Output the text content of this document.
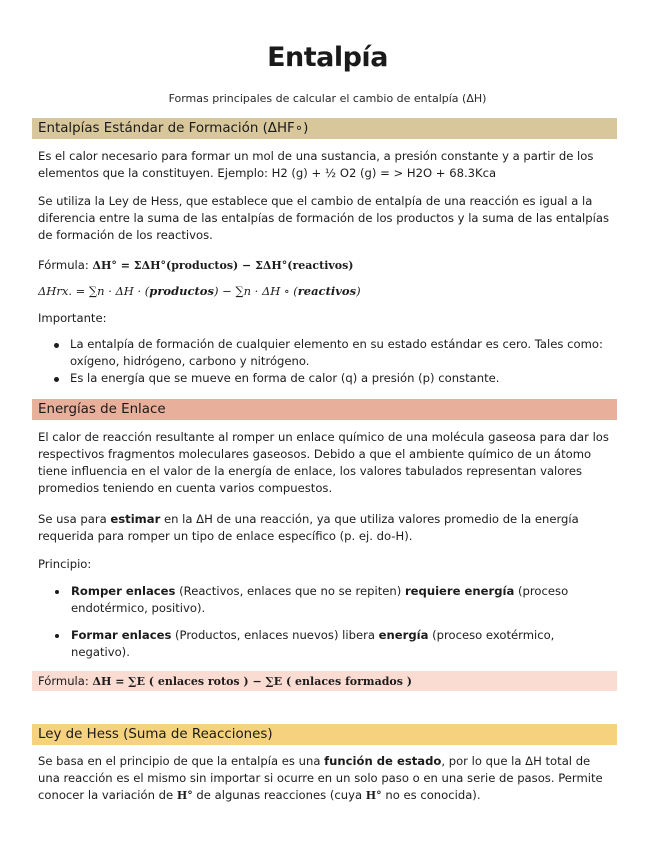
Entalpía
Formas principales de calcular el cambio de entalpía (ΔH)
Entalpías Estándar de Formación (ΔHF∘)

Es el calor necesario para formar un mol de una sustancia, a presión constante y a partir de los elementos que la constituyen. Ejemplo: H2 (g) + ½ O2 (g) = > H2O + 68.3Kca

Se utiliza la Ley de Hess, que establece que el cambio de entalpía de una reacción es igual a la diferencia entre la suma de las entalpías de formación de los productos y la suma de las entalpías de formación de los reactivos.

Fórmula: ΔH° = ΣΔH°(productos) − ΣΔH°(reactivos)
ΔHrx. = ∑n · ΔH · (productos) − ∑n · ΔH ∘ (reactivos)
Importante:
La entalpía de formación de cualquier elemento en su estado estándar es cero. Tales como: oxígeno, hidrógeno, carbono y nitrógeno.
Es la energía que se mueve en forma de calor (q) a presión (p) constante.
Energías de Enlace

El calor de reacción resultante al romper un enlace químico de una molécula gaseosa para dar los respectivos fragmentos moleculares gaseosos. Debido a que el ambiente químico de un átomo tiene influencia en el valor de la energía de enlace, los valores tabulados representan valores promedios teniendo en cuenta varios compuestos.

Se usa para estimar en la ΔH de una reacción, ya que utiliza valores promedio de la energía requerida para romper un tipo de enlace específico (p. ej. do-H).

Principio:
Romper enlaces (Reactivos, enlaces que no se repiten) requiere energía (proceso endotérmico, positivo).
Formar enlaces (Productos, enlaces nuevos) libera energía (proceso exotérmico, negativo).
Fórmula: ΔH = ∑E ( enlaces rotos ) − ∑E ( enlaces formados )
Ley de Hess (Suma de Reacciones)

Se basa en el principio de que la entalpía es una función de estado, por lo que la ΔH total de una reacción es el mismo sin importar si ocurre en un solo paso o en una serie de pasos. Permite conocer la variación de H° de algunas reacciones (cuya H° no es conocida).
